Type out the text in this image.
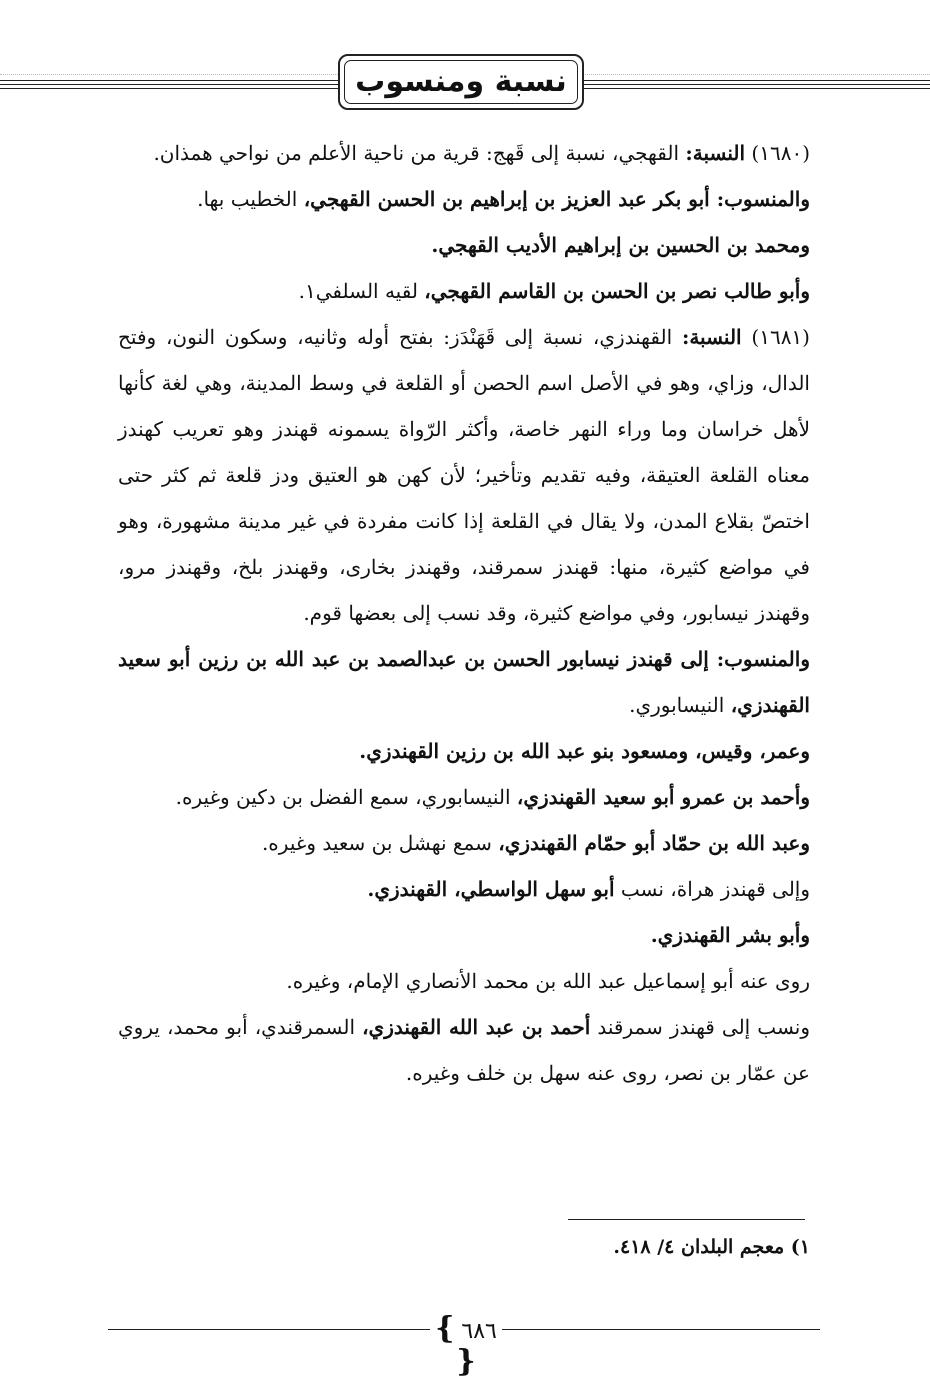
نسبة ومنسوب

(١٦٨٠) النسبة: القهجي، نسبة إلى قَهج: قرية من ناحية الأعلم من نواحي همذان.

والمنسوب: أبو بكر عبد العزيز بن إبراهيم بن الحسن القهجي، الخطيب بها.

ومحمد بن الحسين بن إبراهيم الأديب القهجي.

وأبو طالب نصر بن الحسن بن القاسم القهجي، لقيه السلفي١.

(١٦٨١) النسبة: القهندزي، نسبة إلى قَهَنْدَز: بفتح أوله وثانيه، وسكون النون، وفتح الدال، وزاي، وهو في الأصل اسم الحصن أو القلعة في وسط المدينة، وهي لغة كأنها لأهل خراسان وما وراء النهر خاصة، وأكثر الرّواة يسمونه قهندز وهو تعريب كهندز معناه القلعة العتيقة، وفيه تقديم وتأخير؛ لأن كهن هو العتيق ودز قلعة ثم كثر حتى اختصّ بقلاع المدن، ولا يقال في القلعة إذا كانت مفردة في غير مدينة مشهورة، وهو في مواضع كثيرة، منها: قهندز سمرقند، وقهندز بخارى، وقهندز بلخ، وقهندز مرو، وقهندز نيسابور، وفي مواضع كثيرة، وقد نسب إلى بعضها قوم.

والمنسوب: إلى قهندز نيسابور الحسن بن عبدالصمد بن عبد الله بن رزين أبو سعيد القهندزي، النيسابوري.

وعمر، وقيس، ومسعود بنو عبد الله بن رزين القهندزي.

وأحمد بن عمرو أبو سعيد القهندزي، النيسابوري، سمع الفضل بن دكين وغيره.

وعبد الله بن حمّاد أبو حمّام القهندزي، سمع نهشل بن سعيد وغيره.

وإلى قهندز هراة، نسب أبو سهل الواسطي، القهندزي.

وأبو بشر القهندزي.

روى عنه أبو إسماعيل عبد الله بن محمد الأنصاري الإمام، وغيره.

ونسب إلى قهندز سمرقند أحمد بن عبد الله القهندزي، السمرقندي، أبو محمد، يروي عن عمّار بن نصر، روى عنه سهل بن خلف وغيره.

١) معجم البلدان ٤/ ٤١٨.
{ ٦٨٦ }
